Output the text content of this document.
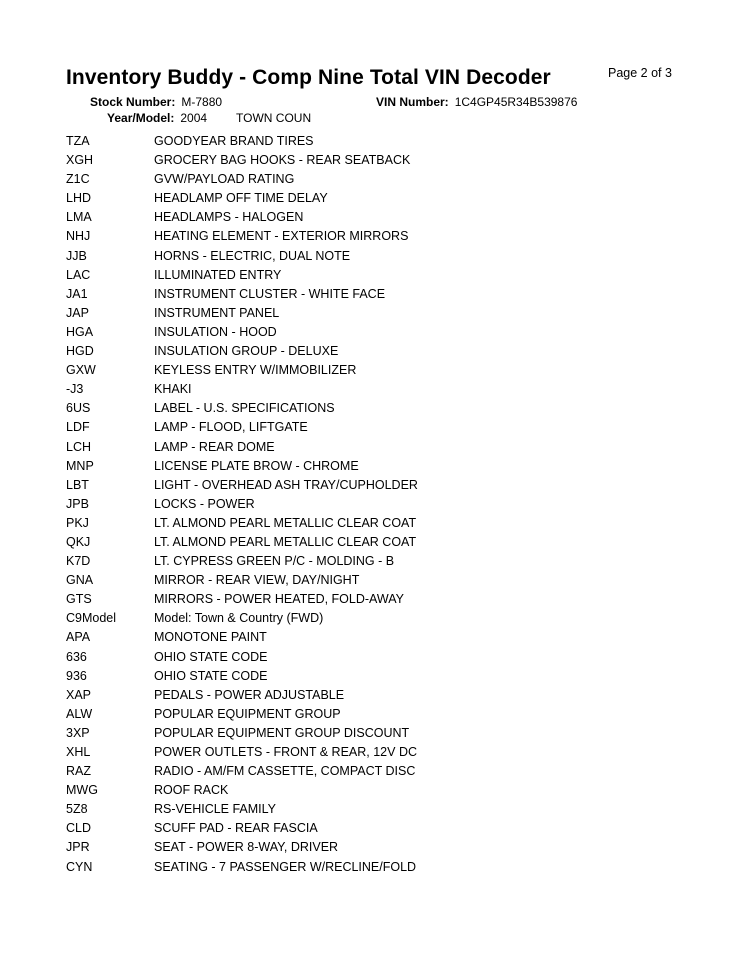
Inventory Buddy - Comp Nine Total VIN Decoder	Page 2 of 3
Stock Number: M-7880	VIN Number: 1C4GP45R34B539876
Year/Model: 2004 TOWN COUN
TZA	GOODYEAR BRAND TIRES
XGH	GROCERY BAG HOOKS - REAR SEATBACK
Z1C	GVW/PAYLOAD RATING
LHD	HEADLAMP OFF TIME DELAY
LMA	HEADLAMPS - HALOGEN
NHJ	HEATING ELEMENT - EXTERIOR MIRRORS
JJB	HORNS - ELECTRIC, DUAL NOTE
LAC	ILLUMINATED ENTRY
JA1	INSTRUMENT CLUSTER - WHITE FACE
JAP	INSTRUMENT PANEL
HGA	INSULATION - HOOD
HGD	INSULATION GROUP - DELUXE
GXW	KEYLESS ENTRY W/IMMOBILIZER
-J3	KHAKI
6US	LABEL - U.S. SPECIFICATIONS
LDF	LAMP - FLOOD, LIFTGATE
LCH	LAMP - REAR DOME
MNP	LICENSE PLATE BROW - CHROME
LBT	LIGHT - OVERHEAD ASH TRAY/CUPHOLDER
JPB	LOCKS - POWER
PKJ	LT. ALMOND PEARL METALLIC CLEAR COAT
QKJ	LT. ALMOND PEARL METALLIC CLEAR COAT
K7D	LT. CYPRESS GREEN P/C - MOLDING - B
GNA	MIRROR - REAR VIEW, DAY/NIGHT
GTS	MIRRORS - POWER HEATED, FOLD-AWAY
C9Model	Model: Town & Country (FWD)
APA	MONOTONE PAINT
636	OHIO STATE CODE
936	OHIO STATE CODE
XAP	PEDALS - POWER ADJUSTABLE
ALW	POPULAR EQUIPMENT GROUP
3XP	POPULAR EQUIPMENT GROUP DISCOUNT
XHL	POWER OUTLETS - FRONT & REAR, 12V DC
RAZ	RADIO - AM/FM CASSETTE, COMPACT DISC
MWG	ROOF RACK
5Z8	RS-VEHICLE FAMILY
CLD	SCUFF PAD - REAR FASCIA
JPR	SEAT - POWER 8-WAY, DRIVER
CYN	SEATING - 7 PASSENGER W/RECLINE/FOLD
